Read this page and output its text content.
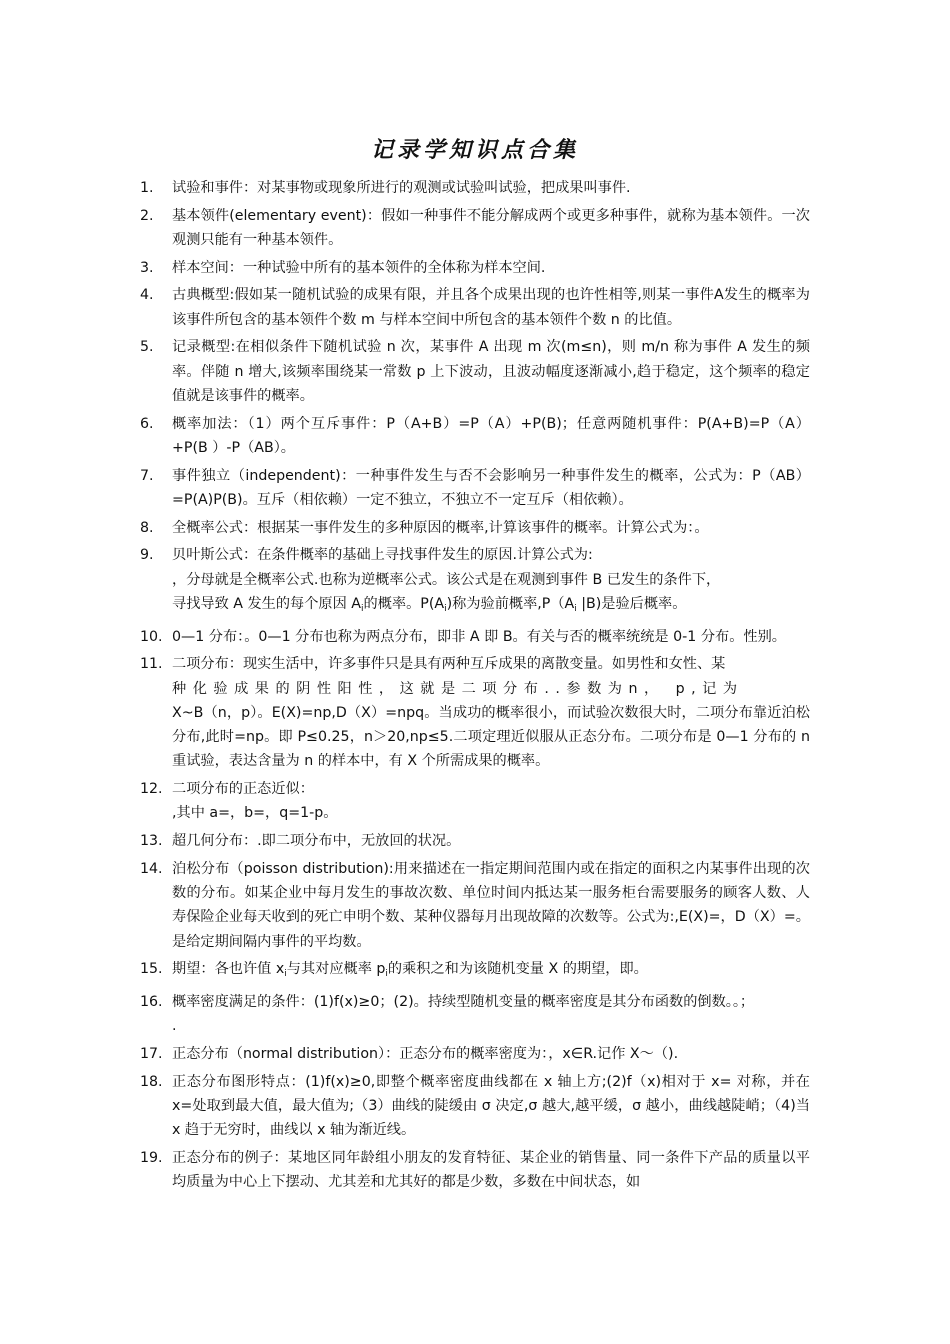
记录学知识点合集
1. 试验和事件：对某事物或现象所进行的观测或试验叫试验，把成果叫事件.
2. 基本领件(elementary event)：假如一种事件不能分解成两个或更多种事件，就称为基本领件。一次观测只能有一种基本领件。
3. 样本空间：一种试验中所有的基本领件的全体称为样本空间.
4. 古典概型:假如某一随机试验的成果有限，并且各个成果出现的也许性相等,则某一事件A发生的概率为该事件所包含的基本领件个数 m 与样本空间中所包含的基本领件个数 n 的比值。
5. 记录概型:在相似条件下随机试验 n 次，某事件 A 出现 m 次(m≤n)，则 m/n 称为事件 A 发生的频率。伴随 n 增大,该频率围绕某一常数 p 上下波动，且波动幅度逐渐减小,趋于稳定，这个频率的稳定值就是该事件的概率。
6. 概率加法：（1）两个互斥事件：P（A+B）=P（A）+P(B)；任意两随机事件：P(A+B)=P（A）+P(B ）-P（AB）。
7. 事件独立（independent)：一种事件发生与否不会影响另一种事件发生的概率，公式为：P（AB）=P(A)P(B)。互斥（相依赖）一定不独立，不独立不一定互斥（相依赖）。
8. 全概率公式：根据某一事件发生的多种原因的概率,计算该事件的概率。计算公式为：。
9. 贝叶斯公式：在条件概率的基础上寻找事件发生的原因.计算公式为:
，分母就是全概率公式.也称为逆概率公式。该公式是在观测到事件 B 已发生的条件下，
寻找导致 A 发生的每个原因 $A_i$的概率。$P(A_i)$称为验前概率$,P(A_i$ |B)是验后概率。
10. 0—1 分布：。0—1 分布也称为两点分布，即非 A 即 B。有关与否的概率统统是 0-1 分布。性别。
11. 二项分布：现实生活中，许多事件只是具有两种互斥成果的离散变量。如男性和女性、某
种化验成果的阴性阳性，这就是二项分布..参数为n， p,记为
X~B（n，p）。E(X)=np,D（X）=npq。当成功的概率很小，而试验次数很大时，二项分布靠近泊松分布,此时=np。即 P≤0.25，n＞20,np≤5.二项定理近似服从正态分布。二项分布是 0—1 分布的 n 重试验，表达含量为 n 的样本中，有 X 个所需成果的概率。
12. 二项分布的正态近似：
,其中 a=，b=，q=1-p。
13. 超几何分布：.即二项分布中，无放回的状况。
14. 泊松分布（poisson distribution):用来描述在一指定期间范围内或在指定的面积之内某事件出现的次数的分布。如某企业中每月发生的事故次数、单位时间内抵达某一服务柜台需要服务的顾客人数、人寿保险企业每天收到的死亡申明个数、某种仪器每月出现故障的次数等。公式为:,E(X)=，D（X）=。是给定期间隔内事件的平均数。
15. 期望：各也许值 $x_i$与其对应概率 $p_i$的乘积之和为该随机变量 X 的期望，即。
16. 概率密度满足的条件：(1)f(x)≥0；(2)。持续型随机变量的概率密度是其分布函数的倒数。。；
.
17. 正态分布（normal distribution）：正态分布的概率密度为：，x∈R.记作 X～（).
18. 正态分布图形特点：(1)f(x)≥0,即整个概率密度曲线都在 x 轴上方;(2)f（x)相对于 x= 对称，并在 x=处取到最大值，最大值为;（3）曲线的陡缓由 σ 决定,σ 越大,越平缓，σ 越小，曲线越陡峭；（4)当 x 趋于无穷时，曲线以 x 轴为渐近线。
19. 正态分布的例子：某地区同年龄组小朋友的发育特征、某企业的销售量、同一条件下产品的质量以平均质量为中心上下摆动、尤其差和尤其好的都是少数，多数在中间状态，如
